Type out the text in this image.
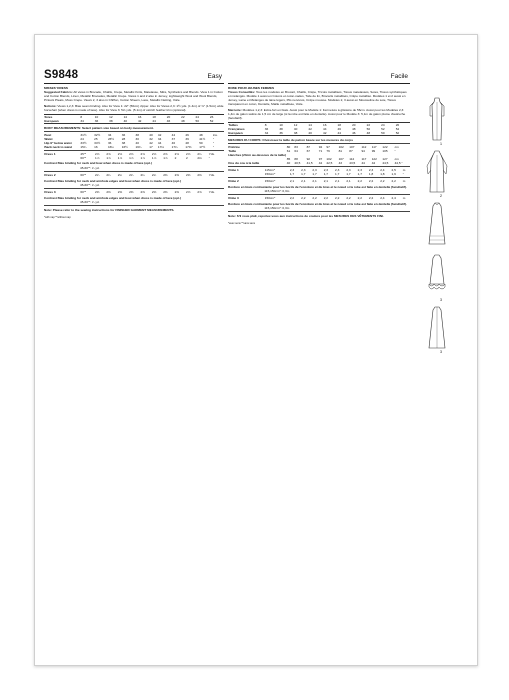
S9848	Easy	Facile
MISSES' DRESS

Suggested Fabrics: All views in Brocade, Challis, Crepe, Metallic Knits, Matelasse, Silks, Synthetics and Blends. View 1 in Cotton and Cotton Blends, Linen, Metallic Brocades, Metallic Crepe. Views 1 and 2 also in Jersey, Lightweight Wool and Wool Blends, Pintuck Pleats, Moss Crepe. Views 2, 3 also in Chiffon, Cotton Sheers, Lace, Metallic Netting, Voile.

Notions: Views 1,2,3: Bias seam binding. Also for View 1: 22" (56cm) zipper. Also for Views 2,3: 1½ yds. (1.4m) of ⅝" (1.5cm) wide horsehair (when dress is made of lace). Also for View 3: 5⅛ yds. (5.1m) of ostrich feather trim (optional).

Sizes	8	10	12	14	16	18	20	22	24	26
European	34	36	38	40	42	44	46	48	50	52
BODY MEASUREMENTS: Select pattern size based on body measurement.
Bust	31½	32½	34	36	38	40	42	44	46	48	ins.
Waist	24	25	26½	28	30	32	34	37	39	41½	"
Hip 9" below waist	33½	34½	36	38	40	42	44	46	48	50	"
Back neck to waist	15¾	16	16¼	16½	16¾	17	17⅛	17¼	17⅜	17½	"
Dress 1	45"*	2⅝	2⅝	2⅝	2⅝	2⅝	2⅝	2⅝	2⅝	2⅝	2¾	Yds.
	60"*	1⅞	1⅞	1⅞	1⅞	1⅞	1⅞	1⅞	2	2	2⅛	"
Contrast Bias binding for neck and bow when dress is made of lace (opt.)
45-60"*: ¼ yd.
Dress 2	60"*	2¼	2¼	2¼	2¼	2¼	2¼	2⅜	2⅜	2⅜	2⅜	Yds.
Contrast Bias binding for neck and armhole edges and bow when dress is made of lace (opt.)
45-60"*: ¼ yd.
Dress 3	60"*	2⅜	2⅜	2⅜	2⅜	2⅜	2⅜	2⅜	2⅜	2⅝	2⅝	Yds.
Contrast Bias binding for neck and armhole edges and bow when dress is made of lace (opt.)
45-60"*: ¼ yd.
Note: Please refer to the sewing instructions for FINISHED GARMENT MEASUREMENTS.
*with nap **without nap
ROBE POUR JEUNES FEMMES

Tissus Conseillés: Tous les modèles en Brocart, Challis, Crêpe, Tricots métallisés, Tissus matelassés, Soies, Tissus synthétiques et mélangés. Modèle 1 aussi en Cotons et coton-nades, Toile de lin, Brocarts métallisés, Crêpe métallisé. Modèles 1 et 2 aussi en Jersey, Laine et Mélanges de laine légers, Plis nervurés, Crêpe mousse. Modèles 2, 3 aussi en Mousseline de soie, Tissus transparent en coton, Dentelle, Maille métallisée, Voile.

Mercerie: Modèles 1,2,3: Extra-fort en biais. Aussi pour le Modèle 1: Fermeture à glissière de 56cm. Aussi pour les Modèles 2,3: 1,4m de galon satiné de 1,5 cm de large (si la robe est faite en dentelle). Aussi pour le Modèle 3: 5,1m de galon plume d'autruche (facultatif).

Tailles	8	10	12	14	16	18	20	22	24	26
Françaises	36	38	40	42	44	46	48	50	52	54
Européen	34	36	38	40	42	44	46	48	50	52
MESURES DU CORPS: Choisissez la taille du patron basée sur les mesures du corps
Poitrine	80	83	87	92	97	102	107	112	117	122	cm
Taille	61	64	67	71	76	81	87	94	99	105	"
Hanches (23cm au-dessous de la taille)											
	85	88	92	97	102	107	112	117	122	127	cm
Dos du cou à la taille	40	40,5	41,5	42	42,5	43	43,5	44	44	44,5	44,5 "
Robe 1	115cm*	2,3	2,3	2,3	2,3	2,3	2,3	2,3	2,3	2,4	2,5	m
	150cm*	1,7	1,7	1,7	1,7	1,7	1,7	1,7	1,8	1,8	1,9	"
Robe 2	150cm*	2,1	2,1	2,1	2,1	2,1	2,1	2,2	2,2	2,2	2,2	m
Bordure en biais contrastante pour les bords de l'encolure et du bras et le nœud si la robe est faite en dentelle (facultatif).
115,150cm*: 0,3m
Robe 3	150cm*	2,2	2,2	2,2	2,2	2,2	2,2	2,2	2,2	2,4	2,4	m
Bordure en biais contrastante pour les bords de l'encolure et du bras et le nœud si la robe est faite en dentelle (facultatif).
115,150cm*: 0,3m
Note: S'il vous plaît, reportez-vous aux instructions de couture pour les MESURES DES VÊTEMENTS FINI.
*avec sens **sans sens
1
2
3
3
